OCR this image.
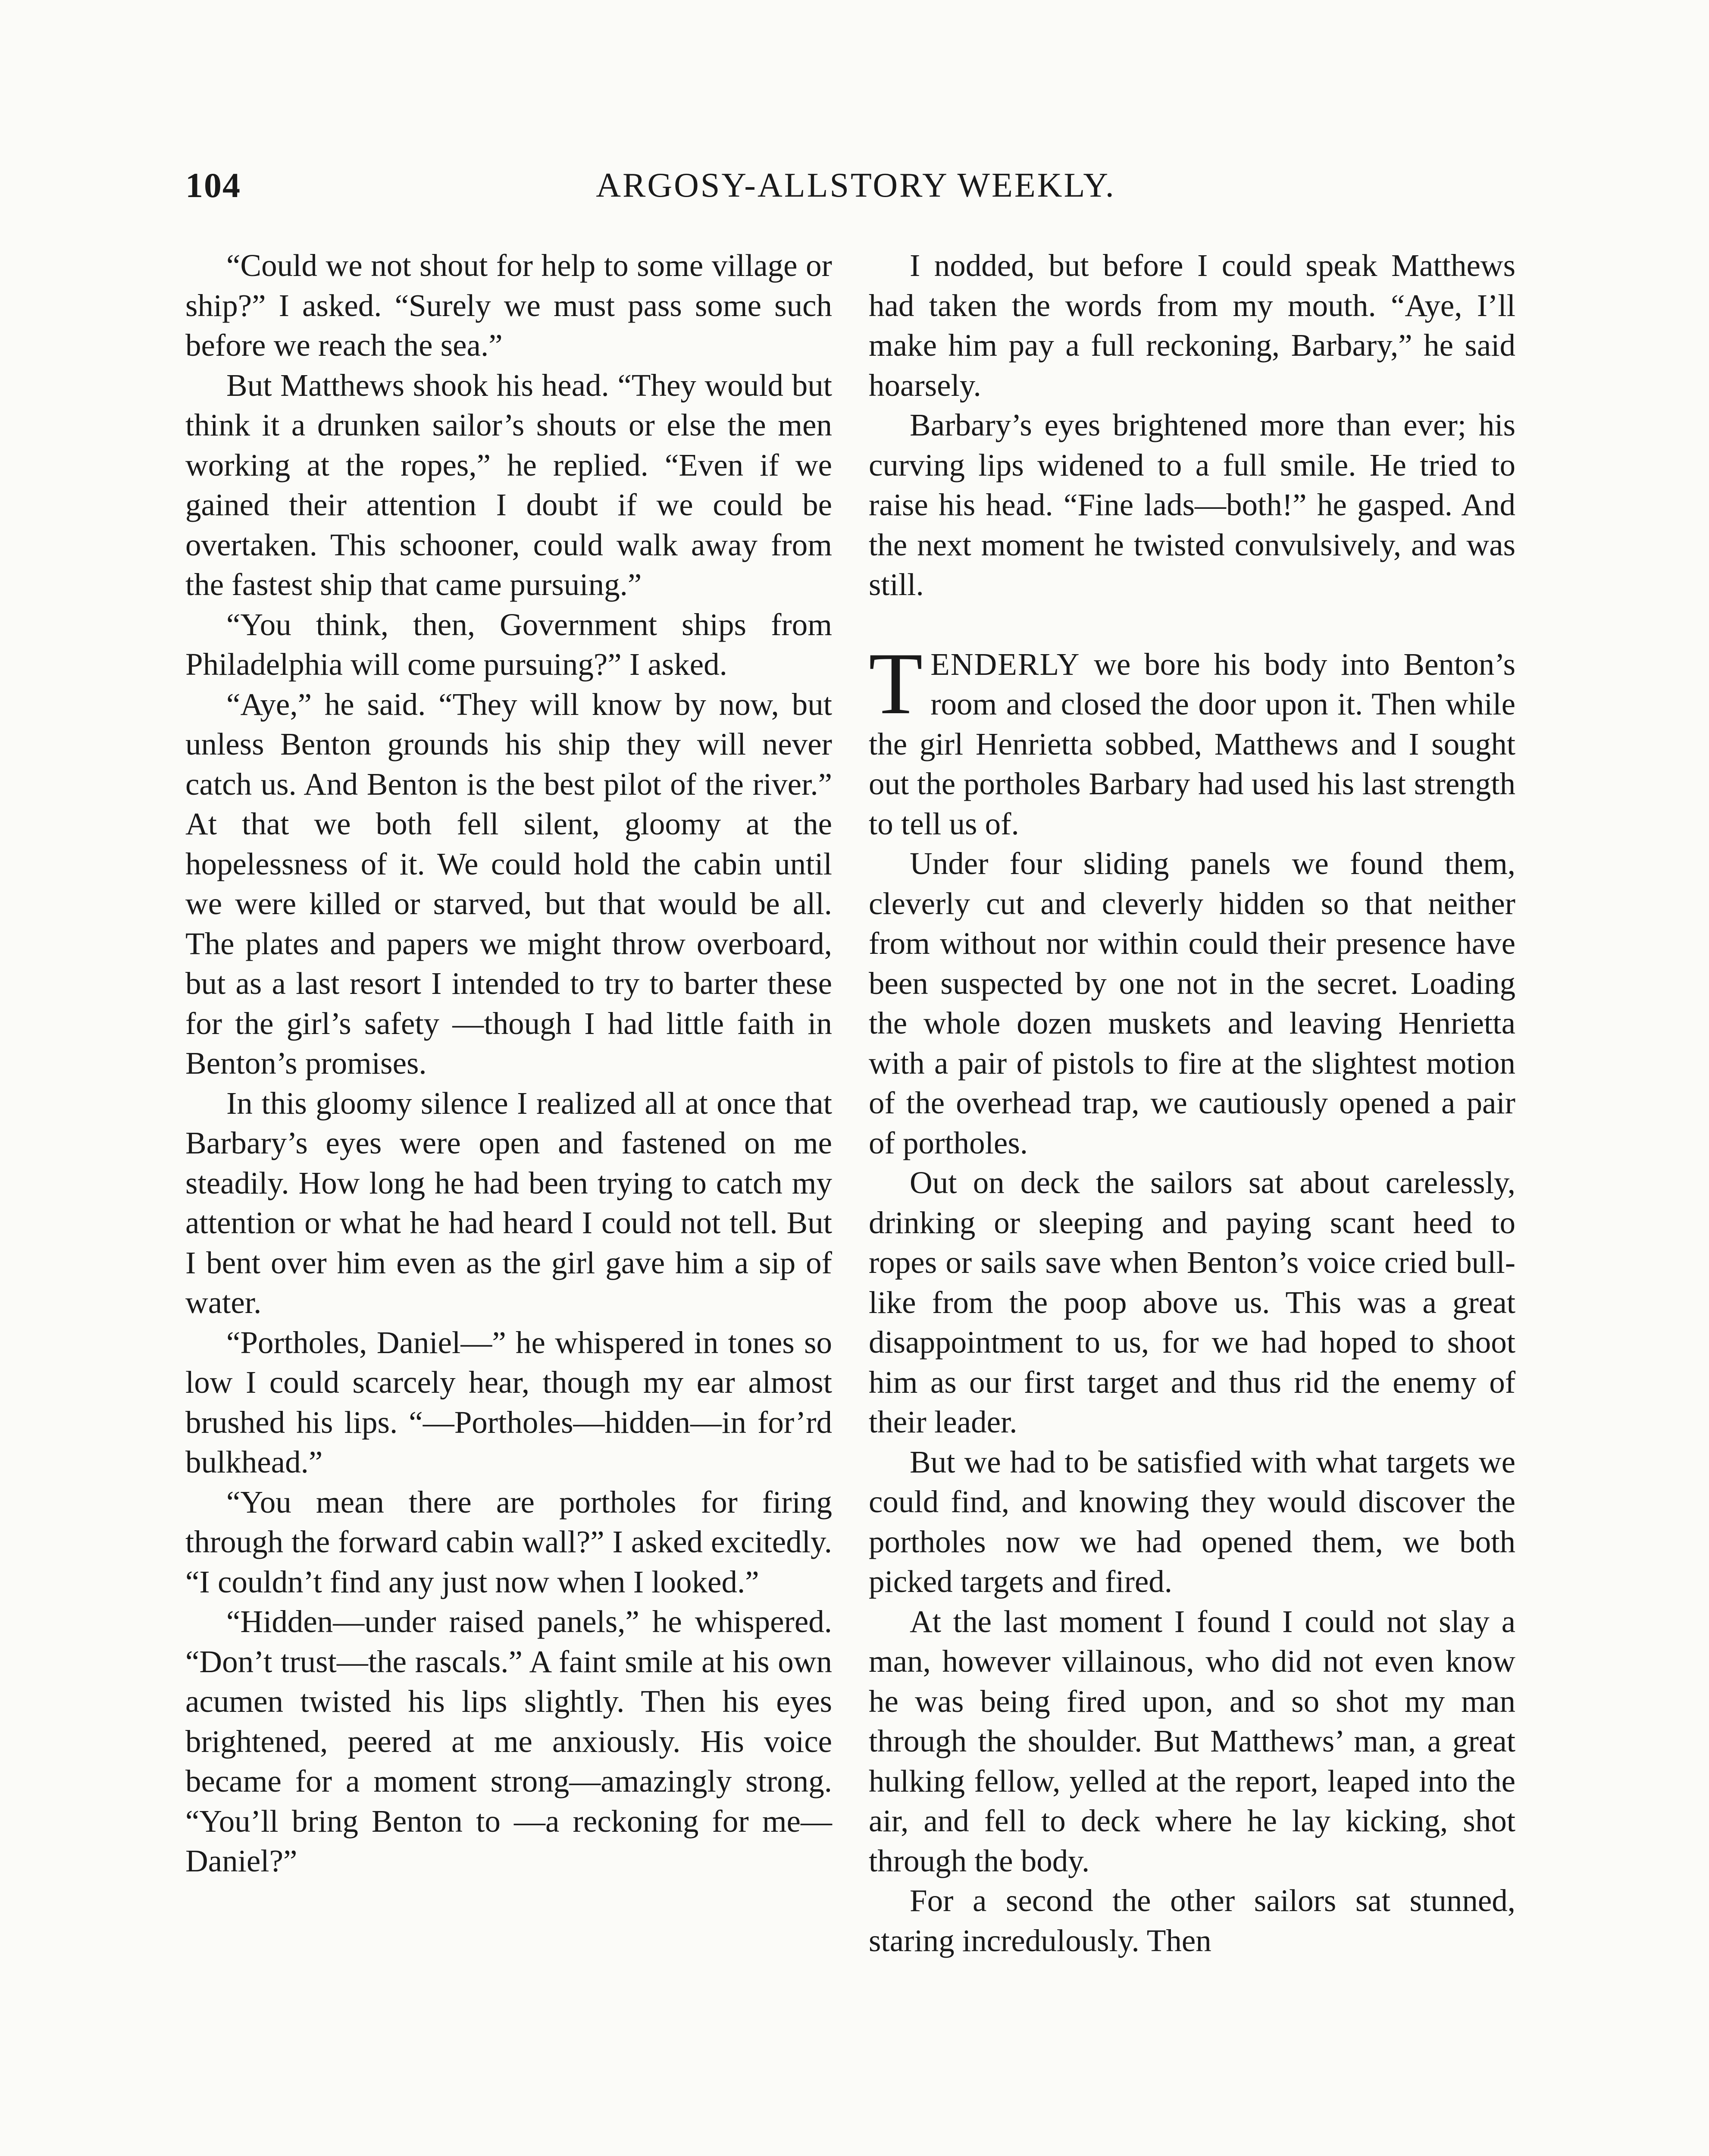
104	ARGOSY-ALLSTORY WEEKLY.

“Could we not shout for help to some village or ship?” I asked. “Surely we must pass some such before we reach the sea.”

But Matthews shook his head. “They would but think it a drunken sailor’s shouts or else the men working at the ropes,” he replied. “Even if we gained their attention I doubt if we could be overtaken. This schooner, could walk away from the fastest ship that came pursuing.”

“You think, then, Government ships from Philadelphia will come pursuing?” I asked.

“Aye,” he said. “They will know by now, but unless Benton grounds his ship they will never catch us. And Benton is the best pilot of the river.” At that we both fell silent, gloomy at the hopelessness of it. We could hold the cabin until we were killed or starved, but that would be all. The plates and papers we might throw overboard, but as a last resort I intended to try to barter these for the girl’s safety —though I had little faith in Benton’s promises.

In this gloomy silence I realized all at once that Barbary’s eyes were open and fastened on me steadily. How long he had been trying to catch my attention or what he had heard I could not tell. But I bent over him even as the girl gave him a sip of water.

“Portholes, Daniel—” he whispered in tones so low I could scarcely hear, though my ear almost brushed his lips. “—Portholes—hidden—in for’rd bulkhead.”

“You mean there are portholes for firing through the forward cabin wall?” I asked excitedly. “I couldn’t find any just now when I looked.”

“Hidden—under raised panels,” he whispered. “Don’t trust—the rascals.” A faint smile at his own acumen twisted his lips slightly. Then his eyes brightened, peered at me anxiously. His voice became for a moment strong—amazingly strong. “You’ll bring Benton to —a reckoning for me—Daniel?”

I nodded, but before I could speak Matthews had taken the words from my mouth. “Aye, I’ll make him pay a full reckoning, Barbary,” he said hoarsely.

Barbary’s eyes brightened more than ever; his curving lips widened to a full smile. He tried to raise his head. “Fine lads—both!” he gasped. And the next moment he twisted convulsively, and was still.

TENDERLY we bore his body into Benton’s room and closed the door upon it. Then while the girl Henrietta sobbed, Matthews and I sought out the portholes Barbary had used his last strength to tell us of.

Under four sliding panels we found them, cleverly cut and cleverly hidden so that neither from without nor within could their presence have been suspected by one not in the secret. Loading the whole dozen muskets and leaving Henrietta with a pair of pistols to fire at the slightest motion of the overhead trap, we cautiously opened a pair of portholes.

Out on deck the sailors sat about carelessly, drinking or sleeping and paying scant heed to ropes or sails save when Benton’s voice cried bull-like from the poop above us. This was a great disappointment to us, for we had hoped to shoot him as our first target and thus rid the enemy of their leader.

But we had to be satisfied with what targets we could find, and knowing they would discover the portholes now we had opened them, we both picked targets and fired.

At the last moment I found I could not slay a man, however villainous, who did not even know he was being fired upon, and so shot my man through the shoulder. But Matthews’ man, a great hulking fellow, yelled at the report, leaped into the air, and fell to deck where he lay kicking, shot through the body.

For a second the other sailors sat stunned, staring incredulously. Then
